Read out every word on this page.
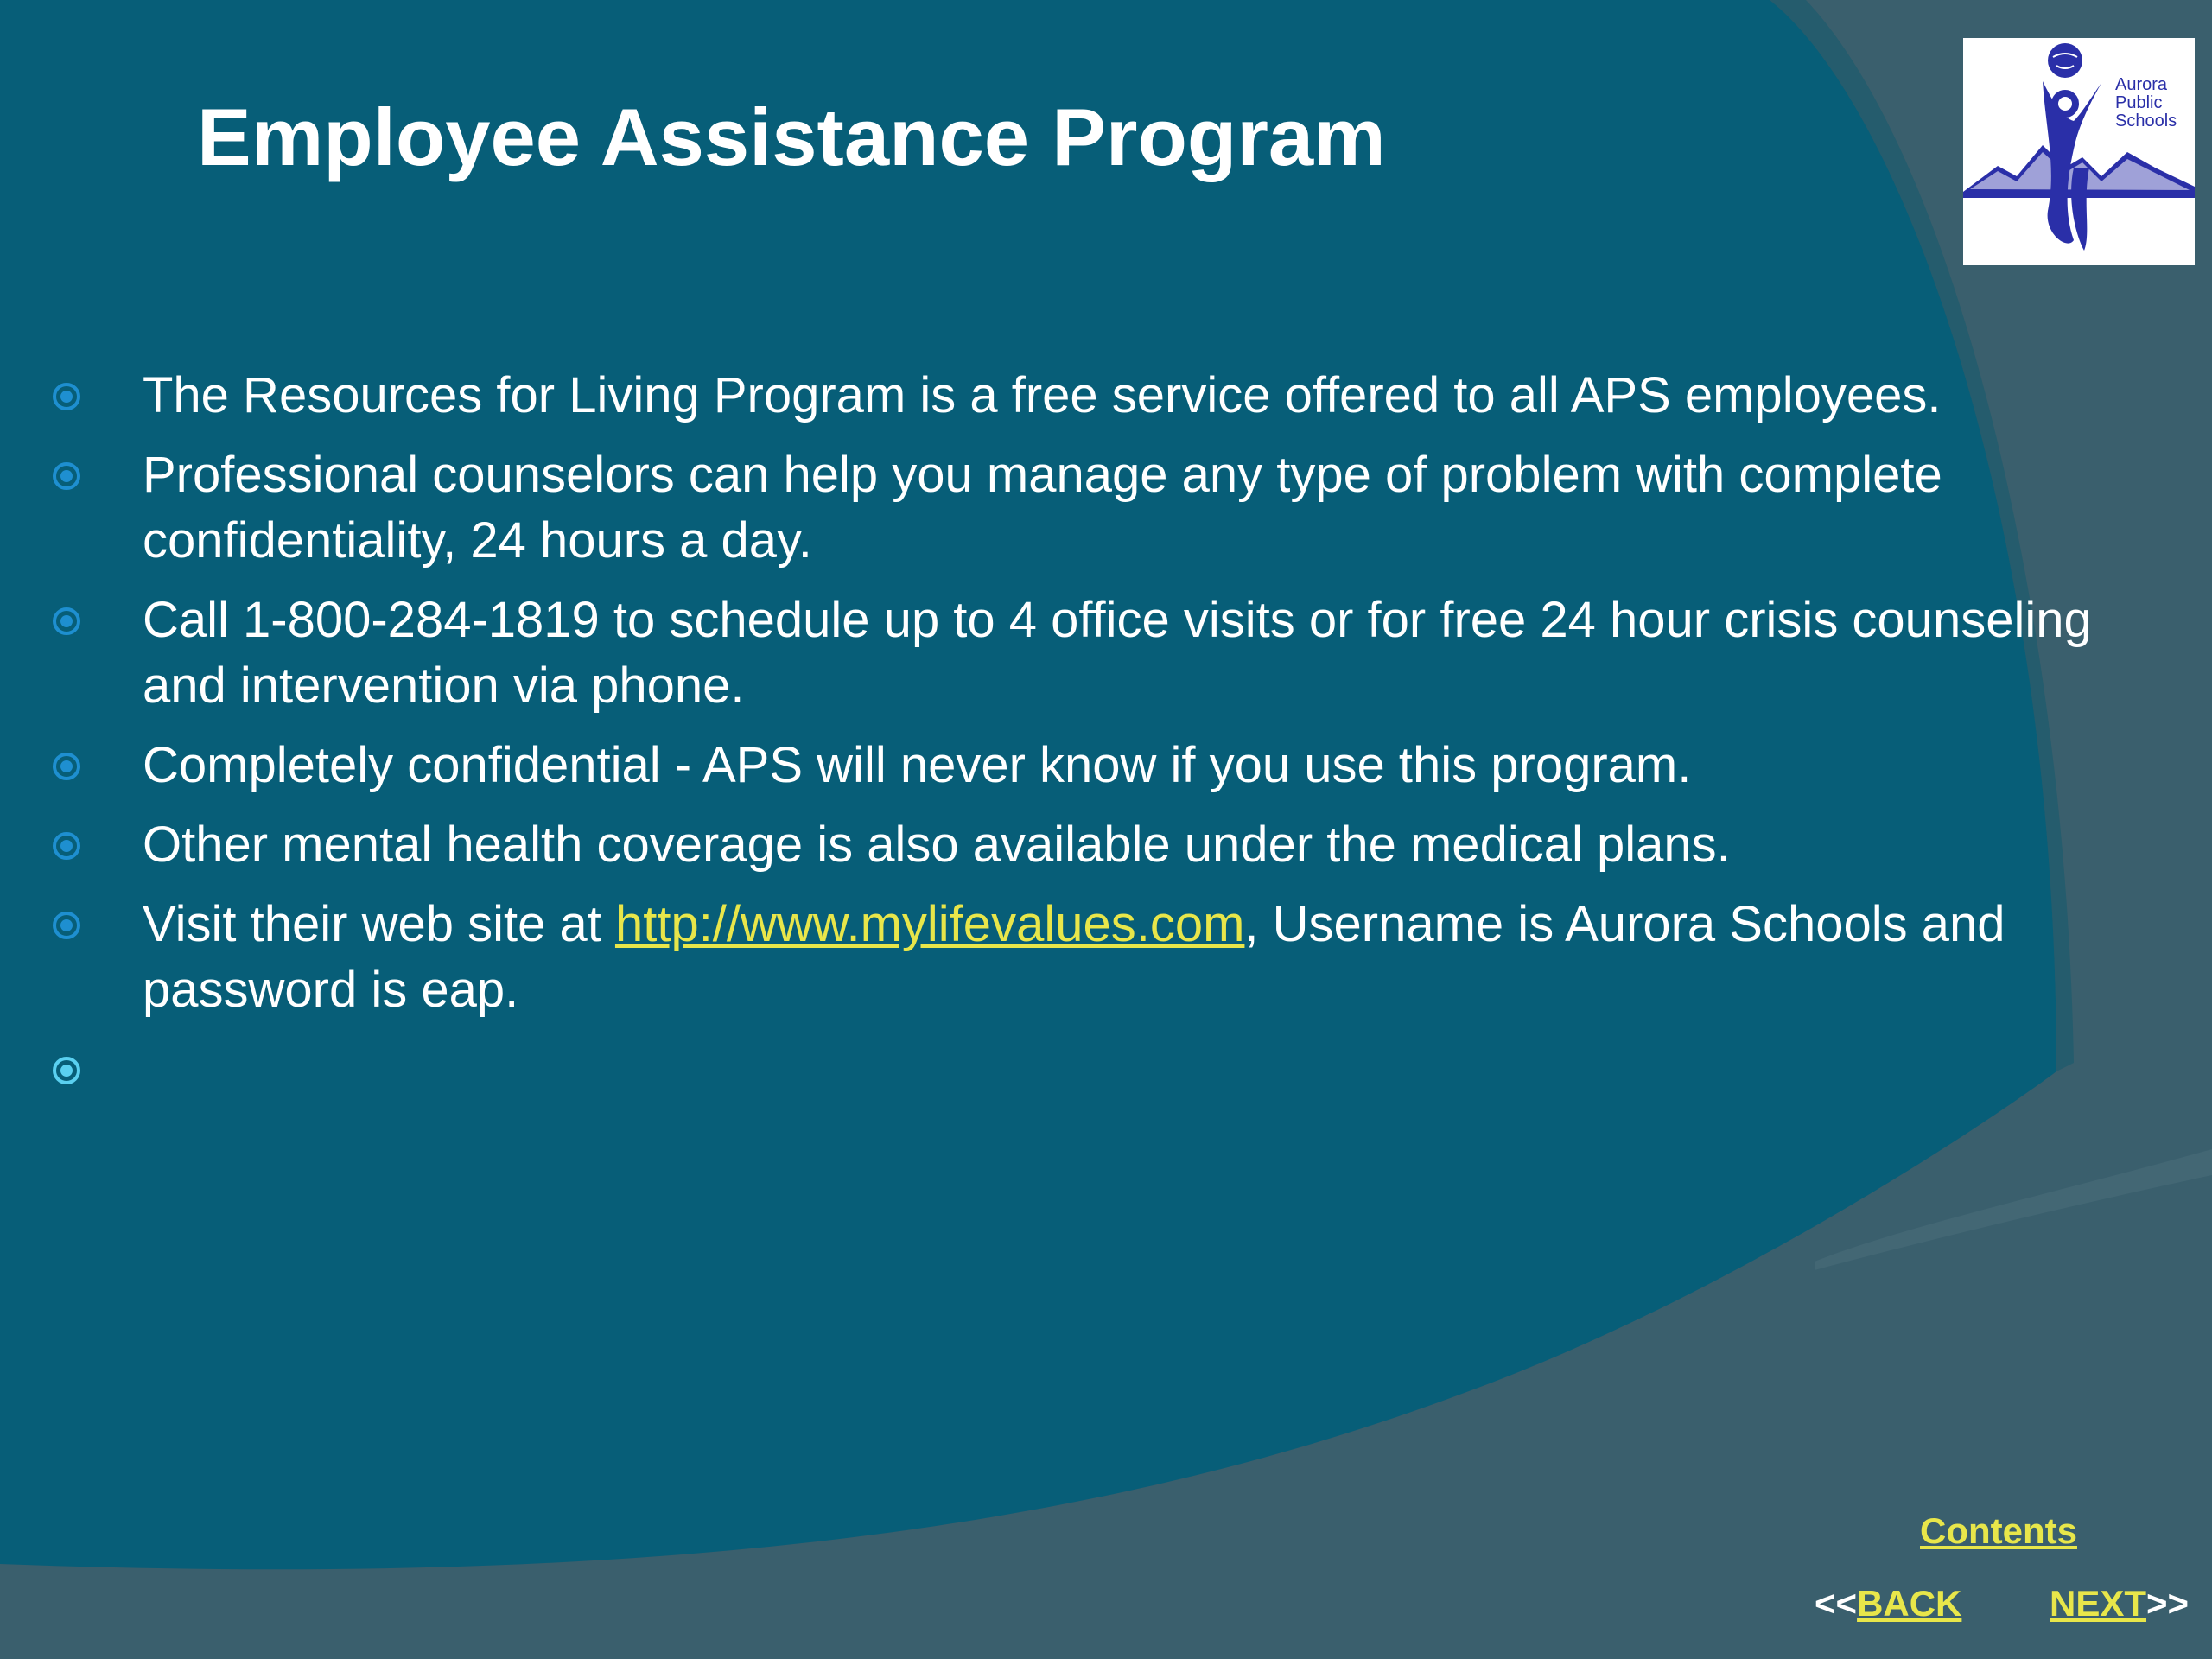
Employee Assistance Program
Aurora
Public
Schools
The Resources for Living Program is a free service offered to all APS employees.
Professional counselors can help you manage any type of problem with complete confidentiality, 24 hours a day.
Call 1-800-284-1819 to schedule up to 4 office visits or for free 24 hour crisis counseling and intervention via phone.
Completely confidential - APS will never know if you use this program.
Other mental health coverage is also available under the medical plans.
Visit their web site at http://www.mylifevalues.com, Username is Aurora Schools and password is eap.
Contents
<<BACK NEXT>>
